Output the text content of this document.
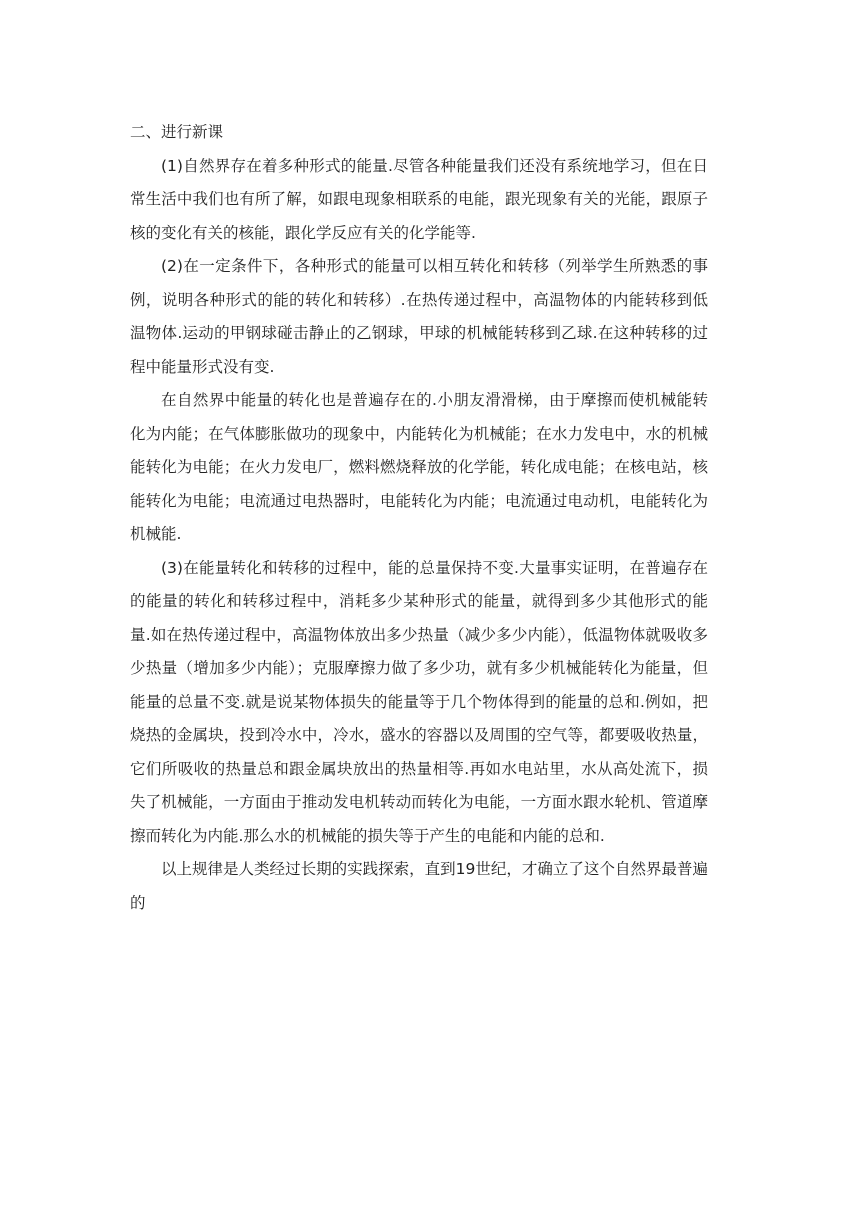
二、进行新课

(1)自然界存在着多种形式的能量.尽管各种能量我们还没有系统地学习，但在日常生活中我们也有所了解，如跟电现象相联系的电能，跟光现象有关的光能，跟原子核的变化有关的核能，跟化学反应有关的化学能等.

(2)在一定条件下，各种形式的能量可以相互转化和转移（列举学生所熟悉的事例，说明各种形式的能的转化和转移）.在热传递过程中，高温物体的内能转移到低温物体.运动的甲钢球碰击静止的乙钢球，甲球的机械能转移到乙球.在这种转移的过程中能量形式没有变.

在自然界中能量的转化也是普遍存在的.小朋友滑滑梯，由于摩擦而使机械能转化为内能；在气体膨胀做功的现象中，内能转化为机械能；在水力发电中，水的机械能转化为电能；在火力发电厂，燃料燃烧释放的化学能，转化成电能；在核电站，核能转化为电能；电流通过电热器时，电能转化为内能；电流通过电动机，电能转化为机械能.

(3)在能量转化和转移的过程中，能的总量保持不变.大量事实证明，在普遍存在的能量的转化和转移过程中，消耗多少某种形式的能量，就得到多少其他形式的能量.如在热传递过程中，高温物体放出多少热量（减少多少内能），低温物体就吸收多少热量（增加多少内能）；克服摩擦力做了多少功，就有多少机械能转化为能量，但能量的总量不变.就是说某物体损失的能量等于几个物体得到的能量的总和.例如，把烧热的金属块，投到冷水中，冷水，盛水的容器以及周围的空气等，都要吸收热量，它们所吸收的热量总和跟金属块放出的热量相等.再如水电站里，水从高处流下，损失了机械能，一方面由于推动发电机转动而转化为电能，一方面水跟水轮机、管道摩擦而转化为内能.那么水的机械能的损失等于产生的电能和内能的总和.

以上规律是人类经过长期的实践探索，直到19世纪，才确立了这个自然界最普遍的
